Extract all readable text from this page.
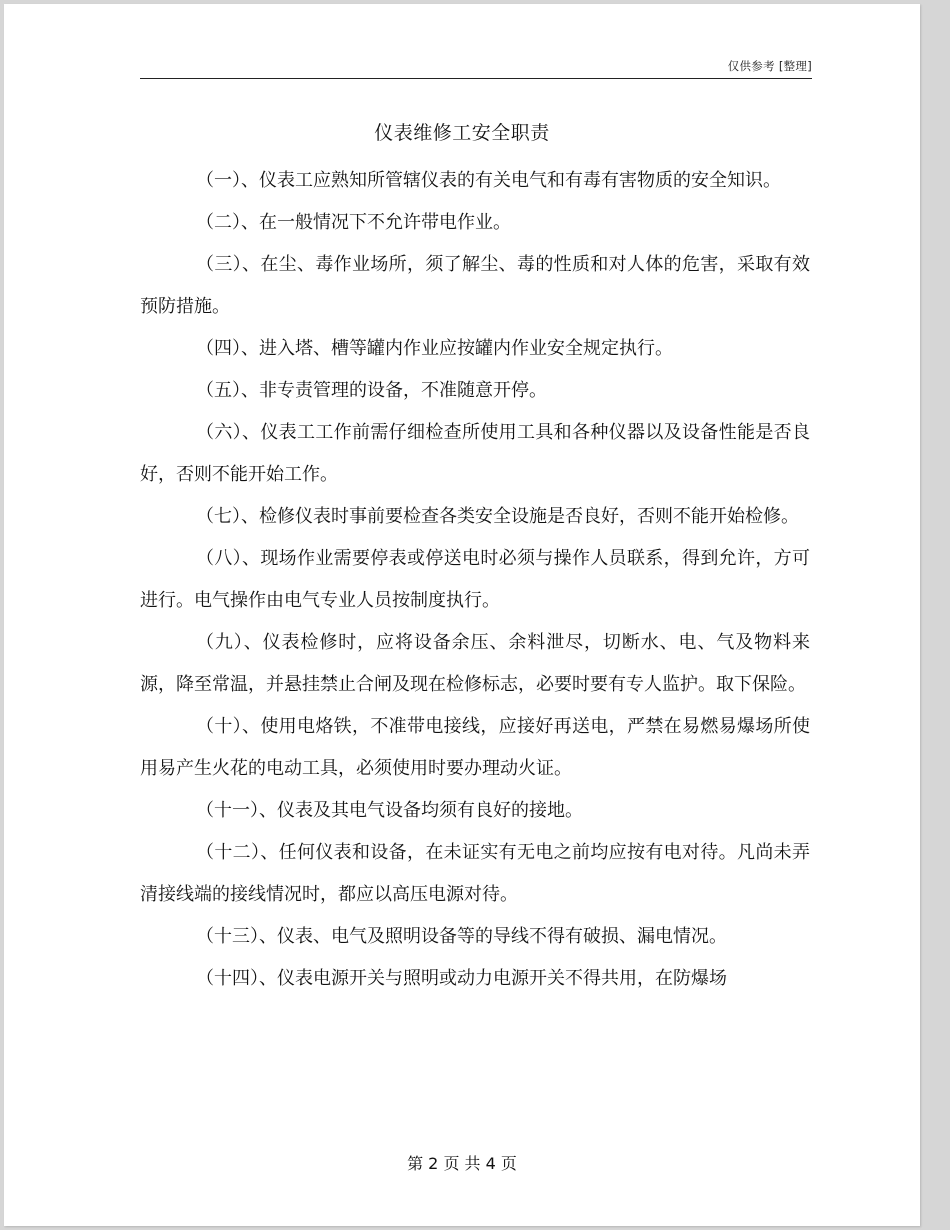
仅供参考 [整理]
仪表维修工安全职责

（一）、仪表工应熟知所管辖仪表的有关电气和有毒有害物质的安全知识。

（二）、在一般情况下不允许带电作业。

（三）、在尘、毒作业场所，须了解尘、毒的性质和对人体的危害，采取有效预防措施。

（四）、进入塔、槽等罐内作业应按罐内作业安全规定执行。

（五）、非专责管理的设备，不准随意开停。

（六）、仪表工工作前需仔细检查所使用工具和各种仪器以及设备性能是否良好，否则不能开始工作。

（七）、检修仪表时事前要检查各类安全设施是否良好，否则不能开始检修。

（八）、现场作业需要停表或停送电时必须与操作人员联系，得到允许，方可进行。电气操作由电气专业人员按制度执行。

（九）、仪表检修时，应将设备余压、余料泄尽，切断水、电、气及物料来源，降至常温，并悬挂禁止合闸及现在检修标志，必要时要有专人监护。取下保险。

（十）、使用电烙铁，不准带电接线，应接好再送电，严禁在易燃易爆场所使用易产生火花的电动工具，必须使用时要办理动火证。

（十一）、仪表及其电气设备均须有良好的接地。

（十二）、任何仪表和设备，在未证实有无电之前均应按有电对待。凡尚未弄清接线端的接线情况时，都应以高压电源对待。

（十三）、仪表、电气及照明设备等的导线不得有破损、漏电情况。

（十四）、仪表电源开关与照明或动力电源开关不得共用，在防爆场

第 2 页 共 4 页
